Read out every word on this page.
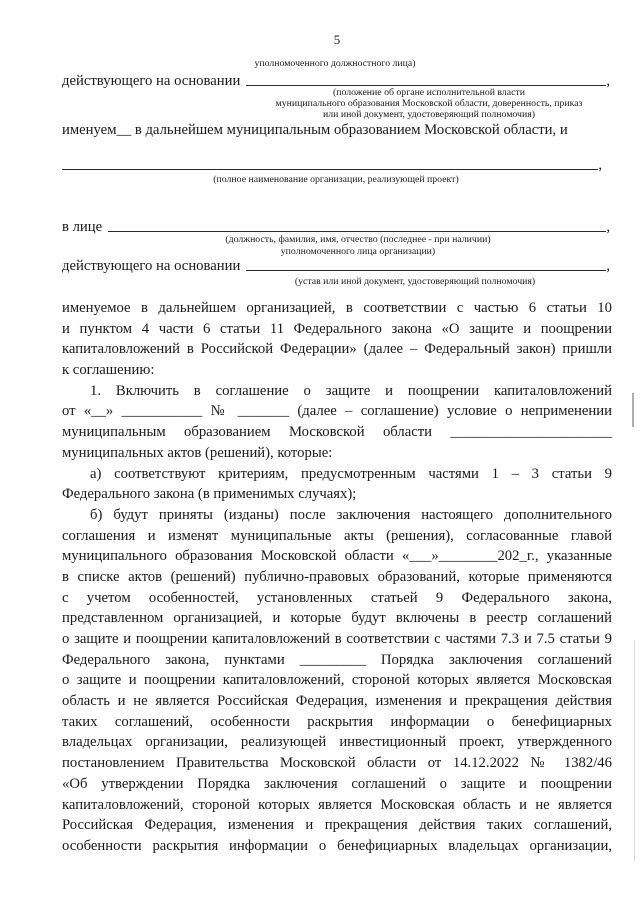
5
уполномоченного должностного лица)
действующего на основании	,
(положение об органе исполнительной власти
муниципального образования Московской области, доверенность, приказ
или иной документ, удостоверяющий полномочия)
именуем__ в дальнейшем муниципальным образованием Московской области, и
,
(полное наименование организации, реализующей проект)
в лице	,
(должность, фамилия, имя, отчество (последнее - при наличии)
уполномоченного лица организации)
действующего на основании	,
(устав или иной документ, удостоверяющий полномочия)
именуемое в дальнейшем организацией, в соответствии с частью 6 статьи 10
и пунктом 4 части 6 статьи 11 Федерального закона «О защите и поощрении
капиталовложений в Российской Федерации» (далее – Федеральный закон) пришли
к соглашению:
1. Включить в соглашение о защите и поощрении капиталовложений
от «__» ___________ № _______ (далее – соглашение) условие о неприменении
муниципальным образованием Московской области ______________________
муниципальных актов (решений), которые:
а) соответствуют критериям, предусмотренным частями 1 – 3 статьи 9
Федерального закона (в применимых случаях);
б) будут приняты (изданы) после заключения настоящего дополнительного
соглашения и изменят муниципальные акты (решения), согласованные главой
муниципального образования Московской области «___»________202_г., указанные
в списке актов (решений) публично-правовых образований, которые применяются
с учетом особенностей, установленных статьей 9 Федерального закона,
представленном организацией, и которые будут включены в реестр соглашений
о защите и поощрении капиталовложений в соответствии с частями 7.3 и 7.5 статьи 9
Федерального закона, пунктами _________ Порядка заключения соглашений
о защите и поощрении капиталовложений, стороной которых является Московская
область и не является Российская Федерация, изменения и прекращения действия
таких соглашений, особенности раскрытия информации о бенефициарных
владельцах организации, реализующей инвестиционный проект, утвержденного
постановлением Правительства Московской области от 14.12.2022 № 1382/46
«Об утверждении Порядка заключения соглашений о защите и поощрении
капиталовложений, стороной которых является Московская область и не является
Российская Федерация, изменения и прекращения действия таких соглашений,
особенности раскрытия информации о бенефициарных владельцах организации,
